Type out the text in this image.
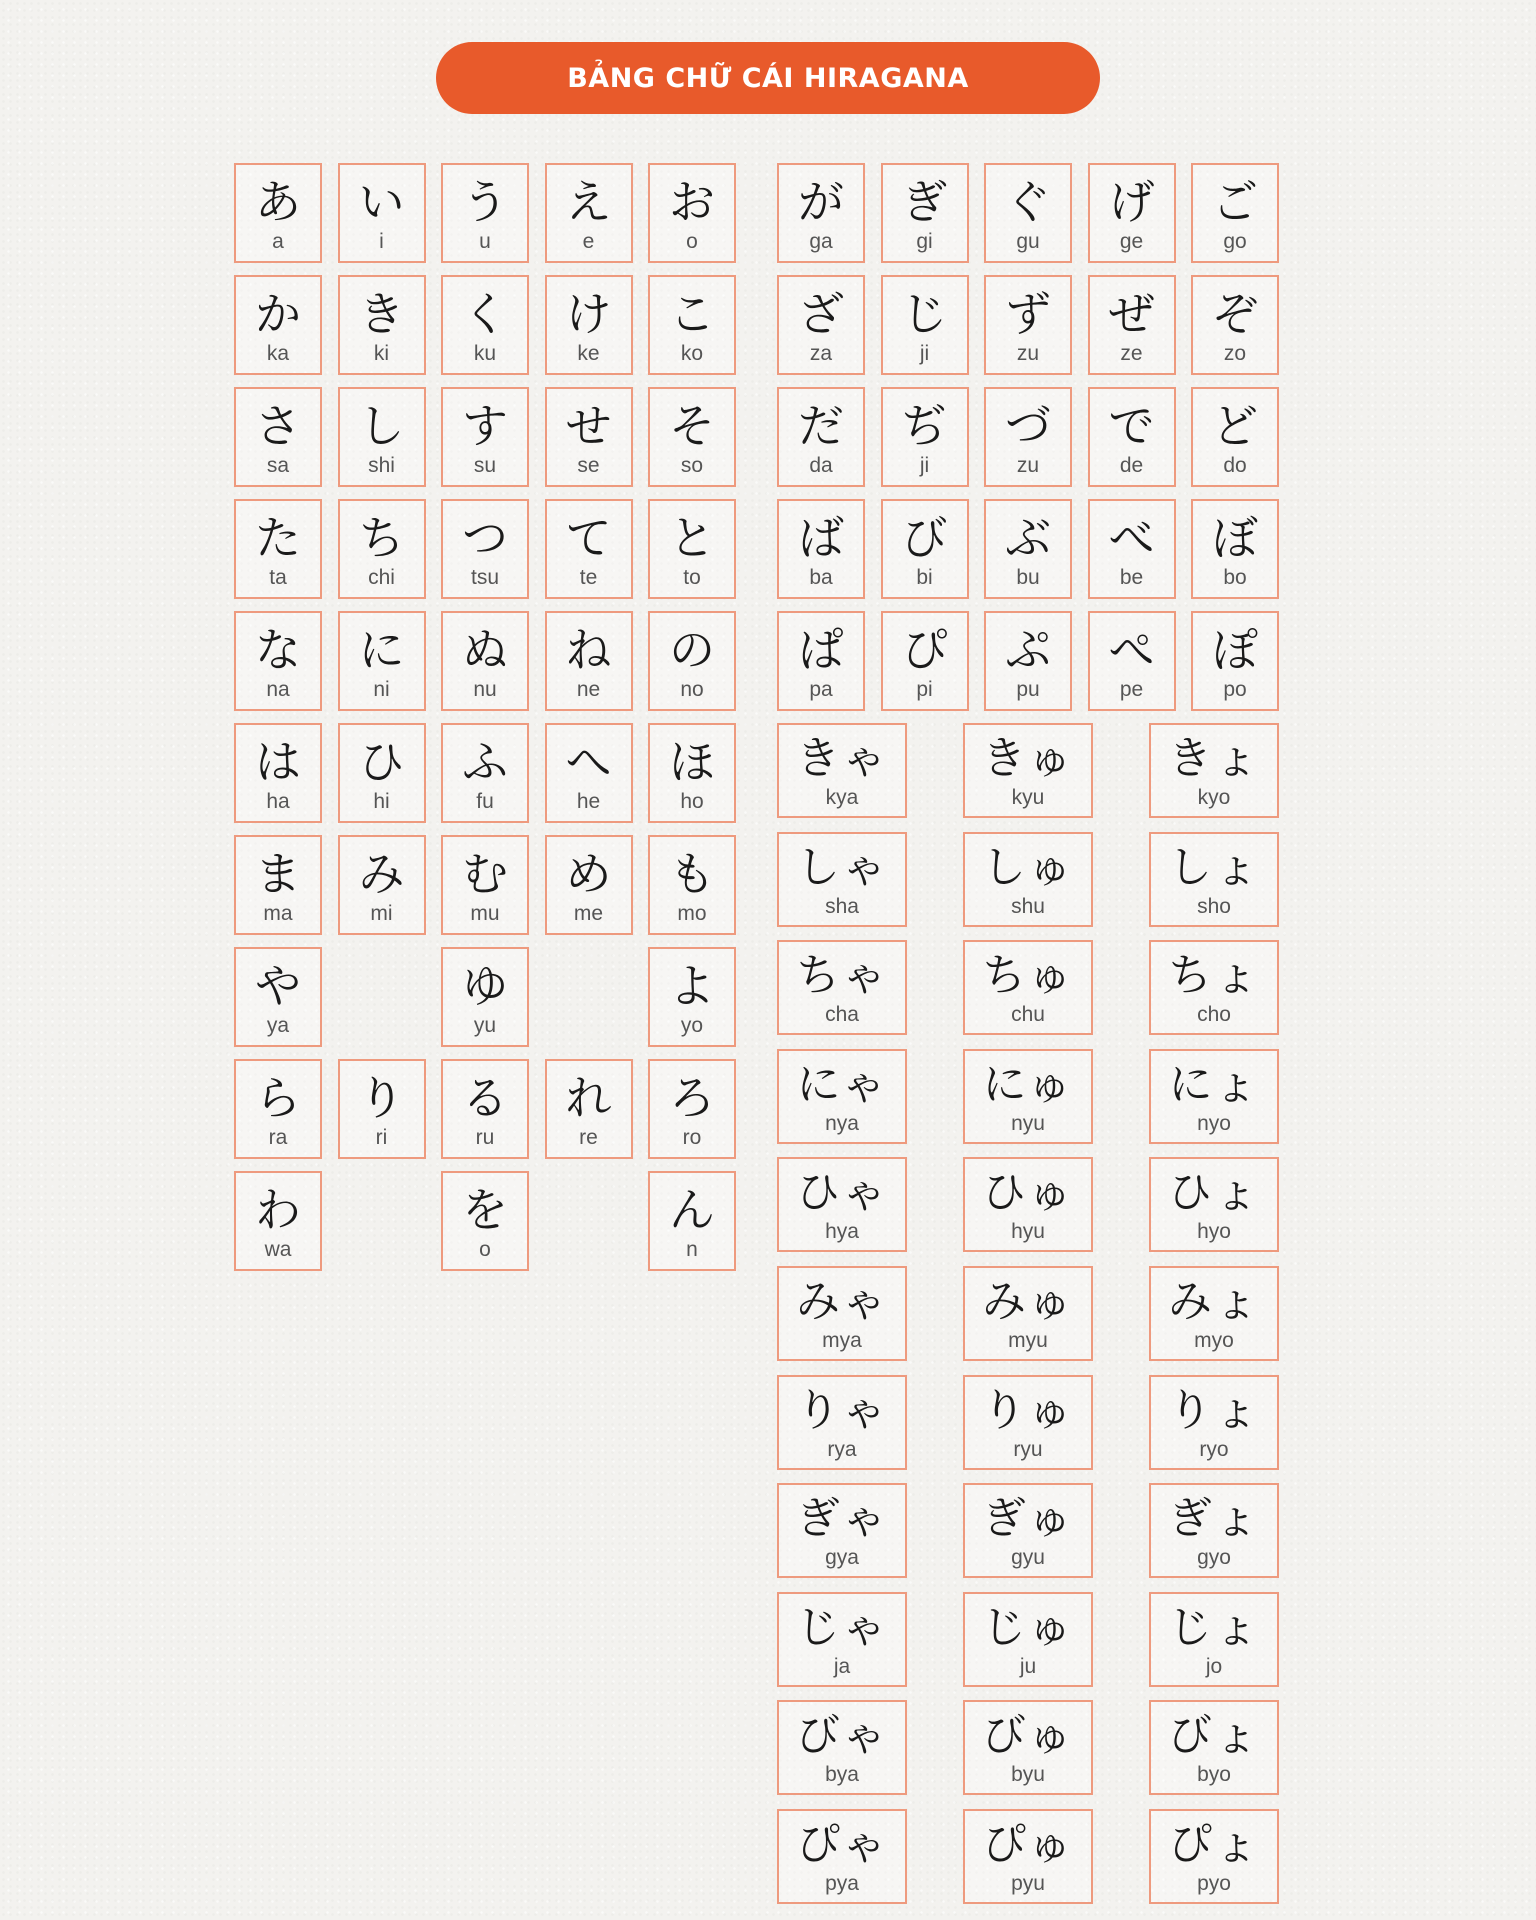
BẢNG CHỮ CÁI HIRAGANA
あ
a
い
i
う
u
え
e
お
o
か
ka
き
ki
く
ku
け
ke
こ
ko
さ
sa
し
shi
す
su
せ
se
そ
so
た
ta
ち
chi
つ
tsu
て
te
と
to
な
na
に
ni
ぬ
nu
ね
ne
の
no
は
ha
ひ
hi
ふ
fu
へ
he
ほ
ho
ま
ma
み
mi
む
mu
め
me
も
mo
や
ya
ゆ
yu
よ
yo
ら
ra
り
ri
る
ru
れ
re
ろ
ro
わ
wa
を
o
ん
n
が
ga
ぎ
gi
ぐ
gu
げ
ge
ご
go
ざ
za
じ
ji
ず
zu
ぜ
ze
ぞ
zo
だ
da
ぢ
ji
づ
zu
で
de
ど
do
ば
ba
び
bi
ぶ
bu
べ
be
ぼ
bo
ぱ
pa
ぴ
pi
ぷ
pu
ぺ
pe
ぽ
po
きゃ
kya
きゅ
kyu
きょ
kyo
しゃ
sha
しゅ
shu
しょ
sho
ちゃ
cha
ちゅ
chu
ちょ
cho
にゃ
nya
にゅ
nyu
にょ
nyo
ひゃ
hya
ひゅ
hyu
ひょ
hyo
みゃ
mya
みゅ
myu
みょ
myo
りゃ
rya
りゅ
ryu
りょ
ryo
ぎゃ
gya
ぎゅ
gyu
ぎょ
gyo
じゃ
ja
じゅ
ju
じょ
jo
びゃ
bya
びゅ
byu
びょ
byo
ぴゃ
pya
ぴゅ
pyu
ぴょ
pyo
